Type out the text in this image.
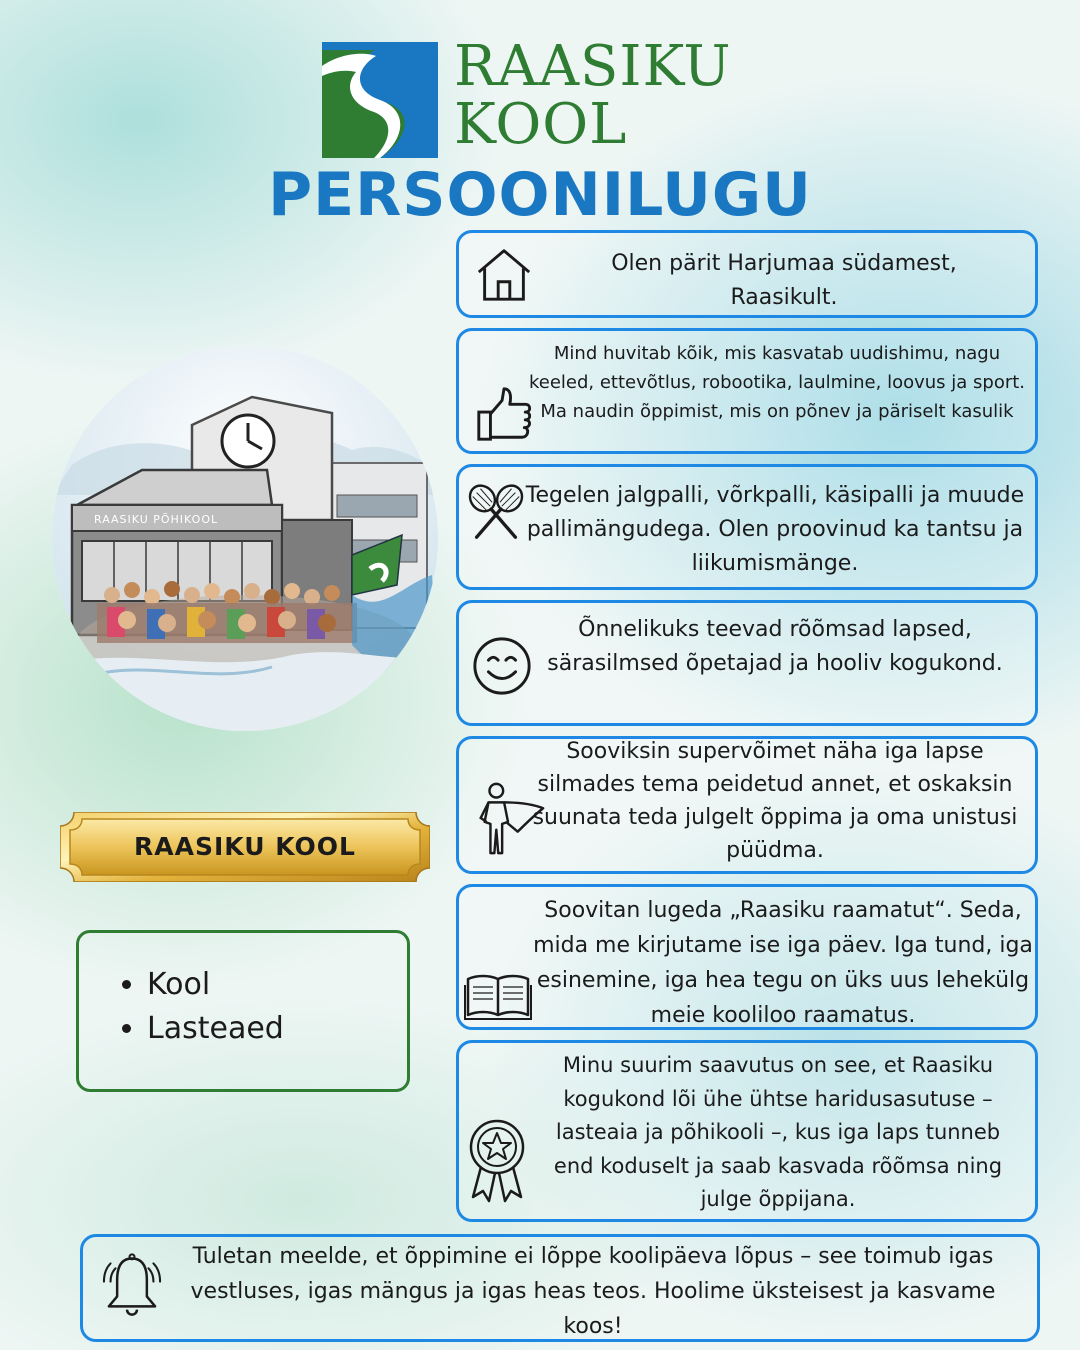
RAASIKU
KOOL
PERSOONILUGU
Olen pärit Harjumaa südamest, Raasikult.
Mind huvitab kõik, mis kasvatab uudishimu, nagu keeled, ettevõtlus, robootika, laulmine, loovus ja sport. Ma naudin õppimist, mis on põnev ja päriselt kasulik
Tegelen jalgpalli, võrkpalli, käsipalli ja muude pallimängudega. Olen proovinud ka tantsu ja liikumismänge.
Õnnelikuks teevad rõõmsad lapsed, särasilmsed õpetajad ja hooliv kogukond.
Sooviksin supervõimet näha iga lapse silmades tema peidetud annet, et oskaksin suunata teda julgelt õppima ja oma unistusi püüdma.
Soovitan lugeda „Raasiku raamatut“. Seda, mida me kirjutame ise iga päev. Iga tund, iga esinemine, iga hea tegu on üks uus lehekülg meie kooliloo raamatus.
Minu suurim saavutus on see, et Raasiku kogukond lõi ühe ühtse haridusasutuse – lasteaia ja põhikooli –, kus iga laps tunneb end koduselt ja saab kasvada rõõmsa ning julge õppijana.
RAASIKU PÕHIKOOL
RAASIKU KOOL
• Kool
• Lasteaed
Tuletan meelde, et õppimine ei lõppe koolipäeva lõpus – see toimub igas vestluses, igas mängus ja igas heas teos. Hoolime üksteisest ja kasvame koos!
